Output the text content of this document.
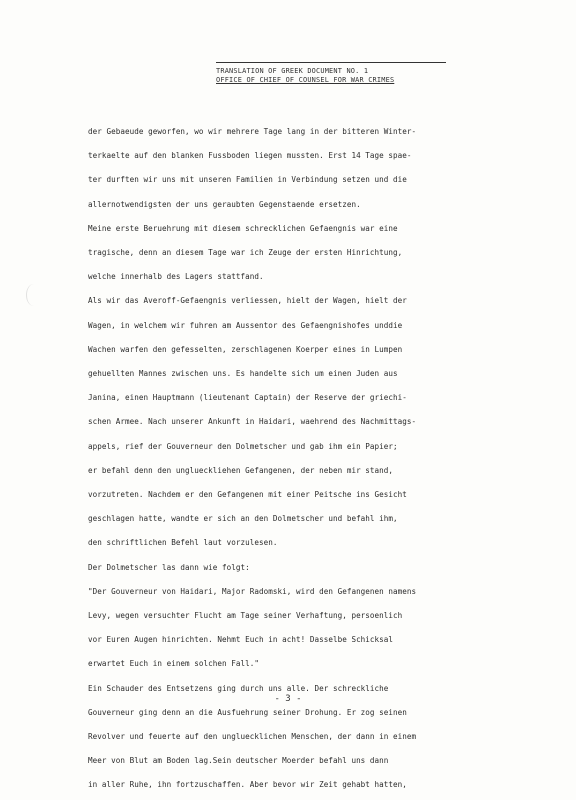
TRANSLATION OF GREEK DOCUMENT NO. 1
OFFICE OF CHIEF OF COUNSEL FOR WAR CRIMES
der Gebaeude geworfen, wo wir mehrere Tage lang in der bitteren Winter-
terkaelte auf den blanken Fussboden liegen mussten. Erst 14 Tage spae-
ter durften wir uns mit unseren Familien in Verbindung setzen und die
allernotwendigsten der uns geraubten Gegenstaende ersetzen.
Meine erste Beruehrung mit diesem schrecklichen Gefaengnis war eine
tragische, denn an diesem Tage war ich Zeuge der ersten Hinrichtung,
welche innerhalb des Lagers stattfand.
Als wir das Averoff-Gefaengnis verliessen, hielt der Wagen, hielt der
Wagen, in welchem wir fuhren am Aussentor des Gefaengnishofes unddie
Wachen warfen den gefesselten, zerschlagenen Koerper eines in Lumpen
gehuellten Mannes zwischen uns. Es handelte sich um einen Juden aus
Janina, einen Hauptmann (lieutenant Captain) der Reserve der griechi-
schen Armee. Nach unserer Ankunft in Haidari, waehrend des Nachmittags-
appels, rief der Gouverneur den Dolmetscher und gab ihm ein Papier;
er befahl denn den unglueckliehen Gefangenen, der neben mir stand,
vorzutreten. Nachdem er den Gefangenen mit einer Peitsche ins Gesicht
geschlagen hatte, wandte er sich an den Dolmetscher und befahl ihm,
den schriftlichen Befehl laut vorzulesen.
Der Dolmetscher las dann wie folgt:
"Der Gouverneur von Haidari, Major Radomski, wird den Gefangenen namens
Levy, wegen versuchter Flucht am Tage seiner Verhaftung, persoenlich
vor Euren Augen hinrichten. Nehmt Euch in acht! Dasselbe Schicksal
erwartet Euch in einem solchen Fall."
Ein Schauder des Entsetzens ging durch uns alle. Der schreckliche
Gouverneur ging denn an die Ausfuehrung seiner Drohung. Er zog seinen
Revolver und feuerte auf den ungluecklichen Menschen, der dann in einem
Meer von Blut am Boden lag.Sein deutscher Moerder befahl uns dann
in aller Ruhe, ihn fortzuschaffen. Aber bevor wir Zeit gehabt hatten,
- 3 -
